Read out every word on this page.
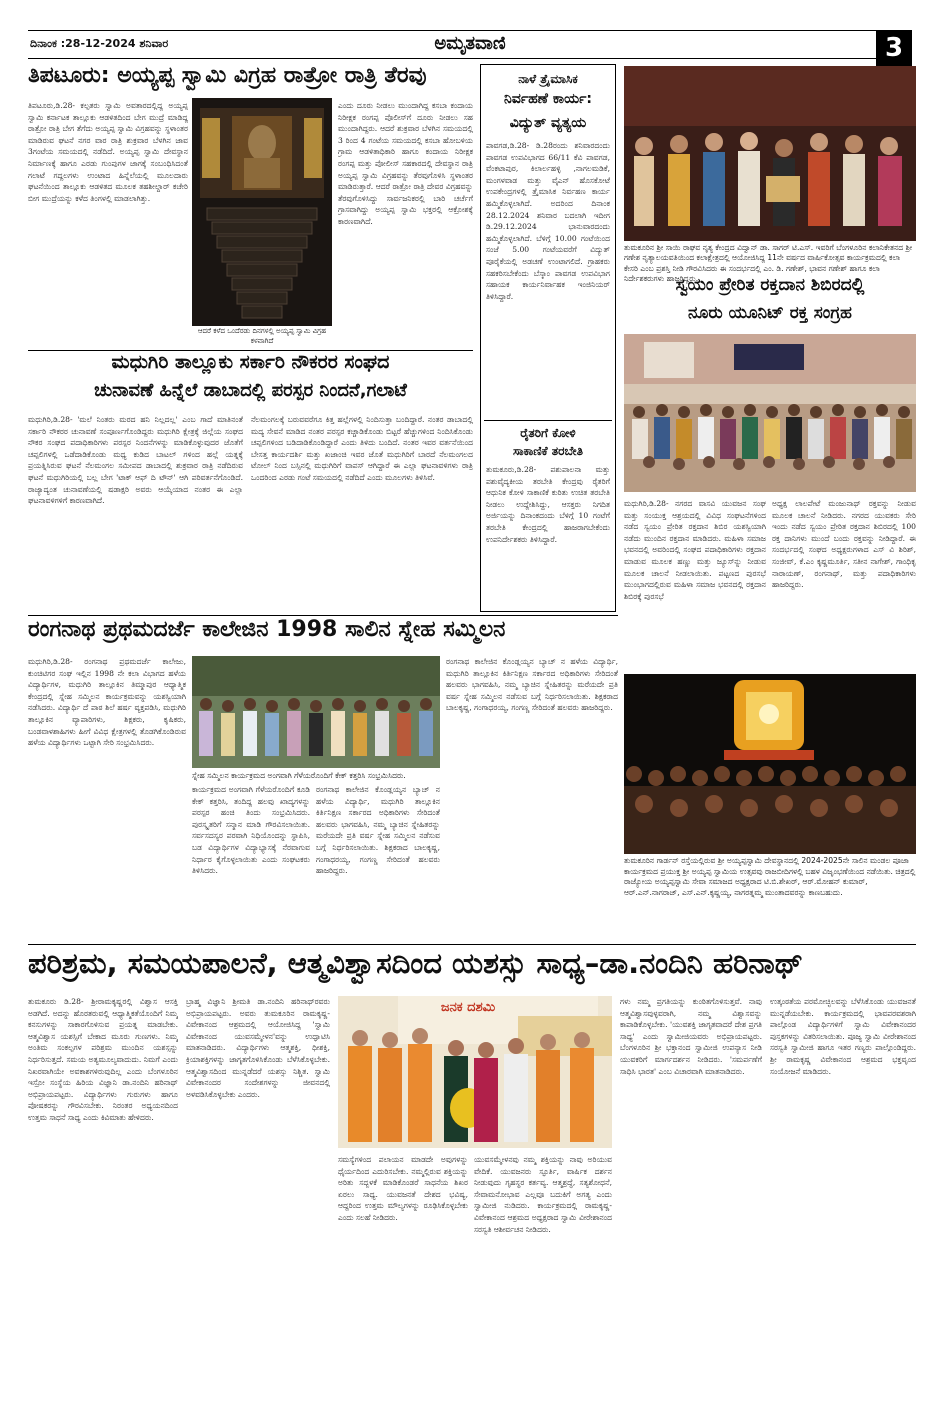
ದಿನಾಂಕ :28-12-2024 ಶನಿವಾರ	ಅಮೃತವಾಣಿ	3
ತಿಪಟೂರು: ಅಯ್ಯಪ್ಪ ಸ್ವಾಮಿ ವಿಗ್ರಹ ರಾತ್ರೋ ರಾತ್ರಿ ತೆರವು
ತಿಪಟೂರು,ಡಿ.28- ಕಲ್ಪತರು ಸ್ವಾಮಿ ಅವತಾರದಲ್ಲಿದ್ದ ಅಯ್ಯಪ್ಪ ಸ್ವಾಮಿ ಕರ್ನಾಟಕ ತಾಲ್ಲೂಕು ಆಡಳಿತದಿಂದ ಬೇಗ ಮುದ್ರೆ ಮಾಡಿದ್ದ ರಾತ್ರೋ ರಾತ್ರಿ ಬೇಗ ತೆಗೆದು ಅಯ್ಯಪ್ಪ ಸ್ವಾಮಿ ವಿಗ್ರಹವನ್ನು ಸ್ಥಳಾಂತರ ಮಾಡಿರುವ ಘಟನೆ ನಗರ ವಾರ ರಾತ್ರಿ ಶುಕ್ರವಾರ ಬೆಳಗಿನ ಜಾವ 3ಗಂಟೆಯ ಸಮಯದಲ್ಲಿ ನಡೆದಿದೆ. ಅಯ್ಯಪ್ಪ ಸ್ವಾಮಿ ದೇವಸ್ಥಾನ ನಿರ್ಮಾಣಕ್ಕೆ ಹಾಗೂ ಎರಡು ಗುಂಪುಗಳ ಜಾಗಕ್ಕೆ ಸಂಬಂಧಿಸಿದಂತೆ ಗಲಾಟೆ ಗದ್ದಲಗಳು ಉಂಟಾದ ಹಿನ್ನೆಲೆಯಲ್ಲಿ ಮೂಲದಾರು ಘಟನೆಯಿಂದ ತಾಲ್ಲೂಕು ಆಡಳಿತದ ಮೂಲಕ ತಹಶೀಲ್ದಾರ್ ಕಚೇರಿ ಬೀಗ ಮುದ್ರೆಯನ್ನು ಕಳೆದ ತಿಂಗಳಲ್ಲಿ ಮಾಡಲಾಗಿತ್ತು.
ಆದರೆ ಕಳೆದ ಒಂದೆರಡು ದಿನಗಳಲ್ಲಿ ಅಯ್ಯಪ್ಪ ಸ್ವಾಮಿ ವಿಗ್ರಹ ಕಳವಾಗಿದೆ
ಎಂದು ದೂರು ನೀಡಲು ಮುಂದಾಗಿದ್ದ ಕಸಬಾ ಕಂದಾಯ ನಿರೀಕ್ಷಕ ರಂಗಪ್ಪ ಪೊಲೀಸ್‌ಗೆ ದೂರು ನೀಡಲು ಸಹ ಮುಂದಾಗಿದ್ದರು. ಆದರೆ ಶುಕ್ರವಾರ ಬೆಳಗಿನ ಸಮಯದಲ್ಲಿ 3 ರಿಂದ 4 ಗಂಟೆಯ ಸಮಯದಲ್ಲಿ ಕಸಬಾ ಹೋಬಳಿಯ ಗ್ರಾಮ ಆಡಳಿತಾಧಿಕಾರಿ ಹಾಗೂ ಕಂದಾಯ ನಿರೀಕ್ಷಕ ರಂಗಪ್ಪ ಮತ್ತು ಪೋಲೀಸ್ ಸಹಕಾರದಲ್ಲಿ ದೇವಸ್ಥಾನ ರಾತ್ರಿ ಅಯ್ಯಪ್ಪ ಸ್ವಾಮಿ ವಿಗ್ರಹವನ್ನು ತೆರವುಗೊಳಿಸಿ ಸ್ಥಳಾಂತರ ಮಾಡಿರುತ್ತಾರೆ. ಆದರೆ ರಾತ್ರೋ ರಾತ್ರಿ ದೇವರ ವಿಗ್ರಹವನ್ನು ತೆರವುಗೊಳಿಸಿದ್ದು ಸಾರ್ವಜನಿಕರಲ್ಲಿ ಬಾರಿ ಚರ್ಚೆಗೆ ಗ್ರಾಸವಾಗಿದ್ದು ಅಯ್ಯಪ್ಪ ಸ್ವಾಮಿ ಭಕ್ತರಲ್ಲಿ ಆಕ್ರೋಶಕ್ಕೆ ಕಾರಣವಾಗಿದೆ.
ಮಧುಗಿರಿ ತಾಲ್ಲೂಕು ಸರ್ಕಾರಿ ನೌಕರರ ಸಂಘದ
ಚುನಾವಣೆ ಹಿನ್ನೆಲೆ ಡಾಬಾದಲ್ಲಿ ಪರಸ್ಪರ ನಿಂದನೆ,ಗಲಾಟೆ
ಮಧುಗಿರಿ,ಡಿ.28- 'ಮಲೆ ನಿಂತರು ಮರದ ಹನಿ ನಿಲ್ಲದಲ್ಲ' ಎಂಬ ಗಾದೆ ಮಾತಿನಂತೆ ಸರ್ಕಾರಿ ನೌಕರರ ಚುನಾವಣೆ ಸಂಪೂರ್ಣಗೊಂಡಿದ್ದರು ಮಧುಗಿರಿ ಕ್ಷೇತ್ರಕ್ಕೆ ಜಿಲ್ಲೆಯ ಸಂಘದ ನೌಕರ ಸಂಘದ ಪದಾಧಿಕಾರಿಗಳು ಪರಸ್ಪರ ನಿಂದನೆಗಳನ್ನು ಮಾಡಿಕೊಳ್ಳುವುದರ ಜೊತೆಗೆ ಚಪ್ಪಲಿಗಳಲ್ಲಿ ಒಡೆದಾಡಿಕೊಂಡು ಮಧ್ಯ ಕುಡಿದ ಬಾಟಲ್ ಗಳಿಂದ ಹಲ್ಲೆ ಯತ್ನಕ್ಕೆ ಪ್ರಯತ್ನಿಸಿರುವ ಘಟನೆ ನೆಲಮಂಗಲ ಸಮೀಪದ ಡಾಬಾದಲ್ಲಿ ಶುಕ್ರವಾರ ರಾತ್ರಿ ನಡೆದಿರುವ ಘಟನೆ ಮಧುಗಿರಿಯಲ್ಲಿ ಬಲ್ಲ ಬೇಗ 'ಟಾಕ್ ಆಫ್ ದಿ ಟೌನ್' ಆಗಿ ಪರಿವರ್ತನೆಗೊಂಡಿದೆ. ರಾಜ್ಯಾದ್ಯಂತ ಚುನಾವಣೆಯಲ್ಲಿ ಷಡಾಕ್ಷರಿ ಅವರು ಆಯ್ಕೆಯಾದ ನಂತರ ಈ ಎಲ್ಲಾ ಘಟನಾವಳಿಗಳಿಗೆ ಕಾರಣವಾಗಿದೆ.
ನೆಲಮಂಗಲಕ್ಕೆ ಬರುವವರೆಗೂ ಕಿತ್ತ ಹಲ್ಲೆಗಳಲ್ಲಿ ನಿಂದಿಸುತ್ತಾ ಬಂದಿದ್ದಾರೆ. ನಂತರ ಡಾಬಾದಲ್ಲಿ ಮದ್ಯ ಸೇವನೆ ಮಾಡಿದ ನಂತರ ಪರಸ್ಪರ ಕಚ್ಚಾಡಿಕೊಂಡು ಬಿಟ್ಟರೆ ಹೆಚ್ಚುಗಳಿಂದ ನಿಂದಿಸಿಕೊಂಡು ಚಪ್ಪಲಿಗಳಿಂದ ಬಡಿದಾಡಿಕೊಂಡಿದ್ದಾರೆ ಎಂದು ತಿಳಿದು ಬಂದಿದೆ. ನಂತರ ಇವರ ವರ್ತನೆಯಿಂದ ಬೇಸತ್ತ ಕಾರ್ಯದರ್ಶಿ ಮತ್ತು ಖಜಾಂಚಿ ಇವರ ಜೊತೆ ಮಧುಗಿರಿಗೆ ಬಾರದೆ ನೆಲಮಂಗಲದ ಟೋಲ್ ನಿಂದ ಬಸ್ಸಿನಲ್ಲಿ ಮಧುಗಿರಿಗೆ ವಾಪಸ್ ಆಗಿದ್ದಾರೆ ಈ ಎಲ್ಲಾ ಘಟನಾವಳಿಗಳು ರಾತ್ರಿ ಒಂದರಿಂದ ಎರಡು ಗಂಟೆ ಸಮಯದಲ್ಲಿ ನಡೆದಿದೆ ಎಂದು ಮೂಲಗಳು ತಿಳಿಸಿವೆ.
ನಾಳೆ ತ್ರೈಮಾಸಿಕ
ನಿರ್ವಹಣೆ ಕಾರ್ಯ:
ವಿದ್ಯುತ್ ವ್ಯತ್ಯಯ
ಪಾವಗಡ,ಡಿ.28- ಡಿ.28ರಂದು ಶನಿವಾರದಂದು ಪಾವಗಡ ಉಪವಿಭಾಗದ 66/11 ಕೆವಿ ಪಾವಗಡ, ವೆಂಕಟಾಪುರ, ಕಿಲಾರ್ಲಹಳ್ಳಿ ,ನಾಗಲಮಡಿಕೆ, ಮಂಗಳವಾಡ ಮತ್ತು ವೈಎನ್ ಹೊಸಕೋಟೆ ಉಪಕೇಂದ್ರಗಳಲ್ಲಿ ತ್ರೈಮಾಸಿಕ ನಿರ್ವಹಣ ಕಾರ್ಯ ಹಮ್ಮಿಕೊಳ್ಳಲಾಗಿದೆ. ಅದರಿಂದ ದಿನಾಂಕ 28.12.2024 ಶನಿವಾರ ಬದಲಾಗಿ ಇದೀಗ ಡಿ.29.12.2024 ಭಾನುವಾರದಂದು ಹಮ್ಮಿಕೊಳ್ಳಲಾಗಿದೆ. ಬೆಳಿಗ್ಗೆ 10.00 ಗಂಟೆಯಿಂದ ಸಂಜೆ 5.00 ಗಂಟೆಯವರೆಗೆ ವಿದ್ಯುತ್ ಪೂರೈಕೆಯಲ್ಲಿ ಅಡಚಣೆ ಉಂಟಾಗಲಿದೆ. ಗ್ರಾಹಕರು ಸಹಕರಿಸಬೇಕೆಂದು ಬೆಸ್ಕಾಂ ಪಾವಗಡ ಉಪವಿಭಾಗ ಸಹಾಯಕ ಕಾರ್ಯನಿರ್ವಾಹಕ ಇಂಜಿನಿಯರ್ ತಿಳಿಸಿದ್ದಾರೆ.
ರೈತರಿಗೆ ಕೋಳಿ
ಸಾಕಾಣಿಕೆ ತರಬೇತಿ
ತುಮಕೂರು,ಡಿ.28- ಪಶುಪಾಲನಾ ಮತ್ತು ಪಶುವೈದ್ಯಕೀಯ ತರಬೇತಿ ಕೇಂದ್ರವು ರೈತರಿಗೆ ಆಧುನಿಕ ಕೋಳಿ ಸಾಕಾಣಿಕೆ ಕುರಿತು ಉಚಿತ ತರಬೇತಿ ನೀಡಲು ಉದ್ದೇಶಿಸಿದ್ದು, ಆಸಕ್ತರು ನಿಗದಿತ ಅರ್ಜಿಯನ್ನು ದಿನಾಂಕದಂದು ಬೆಳಿಗ್ಗೆ 10 ಗಂಟೆಗೆ ತರಬೇತಿ ಕೇಂದ್ರದಲ್ಲಿ ಹಾಜರಾಗಬೇಕೆಂದು ಉಪನಿರ್ದೇಶಕರು ತಿಳಿಸಿದ್ದಾರೆ.
ತುಮಕೂರಿನ ಶ್ರೀ ಸಾಯಿ ರಾಘವ ನೃತ್ಯ ಕೇಂದ್ರದ ವಿದ್ವಾನ್ ಡಾ. ಸಾಗರ್ ಟಿ.ಎಸ್. ಇವರಿಗೆ ಬೆಂಗಳೂರಿನ ಕಲಾನಿಕೇತನದ ಶ್ರೀ ಗಣೇಶ ನೃತ್ಯಾಲಯವತಿಯಿಂದ ಕಲಾಕ್ಷೇತ್ರದಲ್ಲಿ ಆಯೋಜಿಸಿದ್ದ 11ನೇ ವರ್ಷದ ವಾರ್ಷಿಕೋತ್ಸವ ಕಾರ್ಯಕ್ರಮದಲ್ಲಿ ಕಲಾ ಕೇಸರಿ ಎಂಬ ಪ್ರಶಸ್ತಿ ನೀಡಿ ಗೌರವಿಸಿದರು ಈ ಸಂದರ್ಭದಲ್ಲಿ ಎಂ. ಡಿ. ಗಣೇಶ್, ಭಾವನ ಗಣೇಶ್ ಹಾಗೂ ಕಲಾ ನಿರ್ದೇಶಕರುಗಳು ಹಾಜರಿದ್ದರು.
ಸ್ವಯಂ ಪ್ರೇರಿತ ರಕ್ತದಾನ ಶಿಬಿರದಲ್ಲಿ
ನೂರು ಯೂನಿಟ್ ರಕ್ತ ಸಂಗ್ರಹ
ಮಧುಗಿರಿ,ಡಿ.28- ನಗರದ ವಾಸವಿ ಯುವಜನ ಸಂಘ ಮತ್ತು ಸಂಯುಕ್ತ ಆಶ್ರಯದಲ್ಲಿ ವಿವಿಧ ಸಂಘಟನೆಗಳಿಂದ ನಡೆದ ಸ್ವಯಂ ಪ್ರೇರಿತ ರಕ್ತದಾನ ಶಿಬಿರ ಯಶಸ್ವಿಯಾಗಿ ನಡೆದು ಮುಂದಿನ ರಕ್ತದಾನ ಮಾಡಿದರು. ಮಹಿಳಾ ಸಮಾಜ ಭವನದಲ್ಲಿ ಅವರಿಂದಲ್ಲಿ ಸಂಘದ ಪದಾಧಿಕಾರಿಗಳು ರಕ್ತದಾನ ಮಾಡುವ ಮೂಲಕ ಹಣ್ಣು ಮತ್ತು ಜ್ಯೂಸ್‌ನ್ನು ನೀಡುವ ಮೂಲಕ ಚಾಲನೆ ನೀಡಲಾಯಿತು. ಪಟ್ಟಣದ ಪುರಸಭೆ ಮುಂಭಾಗದಲ್ಲಿರುವ ಮಹಿಳಾ ಸಮಾಜ ಭವನದಲ್ಲಿ ರಕ್ತದಾನ ಶಿಬಿರಕ್ಕೆ ಪುರಸಭೆ
ಅಧ್ಯಕ್ಷ ಲಾಲಪೇಟೆ ಮಂಜುನಾಥ್ ರಕ್ತವನ್ನು ನೀಡುವ ಮೂಲಕ ಚಾಲನೆ ನೀಡಿದರು. ನಗರದ ಯುವಕರು ಸೇರಿ ಇಂದು ನಡೆದ ಸ್ವಯಂ ಪ್ರೇರಿತ ರಕ್ತದಾನ ಶಿಬಿರದಲ್ಲಿ 100 ರಕ್ತ ದಾನಿಗಳು ಮುಂದೆ ಬಂದು ರಕ್ತವನ್ನು ನೀಡಿದ್ದಾರೆ. ಈ ಸಂದರ್ಭದಲ್ಲಿ ಸಂಘದ ಅಧ್ಯಕ್ಷರುಗಳಾದ ಎಸ್ ವಿ ಶಿರಿಶ್, ಸಂಜೀವ್, ಕೆ.ಎಂ ಕೃಷ್ಣಮೂರ್ತಿ, ಸತೀನ ನಾಗೇಶ್, ಗಾಂಧಿಕೃ ನಾರಾಯಣ್, ರಂಗನಾಥ್, ಮತ್ತು ಪದಾಧಿಕಾರಿಗಳು ಹಾಜರಿದ್ದರು.
ರಂಗನಾಥ ಪ್ರಥಮದರ್ಜೆ ಕಾಲೇಜಿನ 1998 ಸಾಲಿನ ಸ್ನೇಹ ಸಮ್ಮಿಲನ
ಮಧುಗಿರಿ,ಡಿ.28- ರಂಗನಾಥ ಪ್ರಥಮದರ್ಜೆ ಕಾಲೇಜು, ಕುಂಚಿಟಿಗರ ಸಂಘ ಇಲ್ಲಿನ 1998 ನೇ ಕಲಾ ವಿಭಾಗದ ಹಳೆಯ ವಿದ್ಯಾರ್ಥಿಗಳ, ಮಧುಗಿರಿ ತಾಲ್ಲೂಕಿನ ತಿಮ್ಮಾಪುರ ಆಧ್ಯಾತ್ಮಿಕ ಕೇಂದ್ರದಲ್ಲಿ ಸ್ನೇಹ ಸಮ್ಮಿಲನ ಕಾರ್ಯಕ್ರಮವನ್ನು ಯಶಸ್ವಿಯಾಗಿ ನಡೆಸಿದರು. ವಿದ್ಯಾರ್ಥಿ ದೆ ಪಾಠ ಶಿಲೆ ಹರ್ಷ ವ್ಯಕ್ತಪಡಿಸಿ, ಮಧುಗಿರಿ ತಾಲ್ಲೂಕಿನ ವ್ಯಾಪಾರಿಗಳು, ಶಿಕ್ಷಕರು, ಕೃಷಿಕರು, ಬಂಡವಾಳಶಾಹಿಗಳು ಹೀಗೆ ವಿವಿಧ ಕ್ಷೇತ್ರಗಳಲ್ಲಿ ತೊಡಗಿಕೊಂಡಿರುವ ಹಳೆಯ ವಿದ್ಯಾರ್ಥಿಗಳು ಒಟ್ಟಾಗಿ ಸೇರಿ ಸಂಭ್ರಮಿಸಿದರು.
ಸ್ನೇಹ ಸಮ್ಮಿಲನ ಕಾರ್ಯಕ್ರಮದ ಅಂಗವಾಗಿ ಗೆಳೆಯರೊಂದಿಗೆ ಕೇಕ್ ಕತ್ತರಿಸಿ ಸಂಭ್ರಮಿಸಿದರು.
ಕಾರ್ಯಕ್ರಮದ ಅಂಗವಾಗಿ ಗೆಳೆಯರೊಂದಿಗೆ ಕೂಡಿ ಕೇಕ್ ಕತ್ತರಿಸಿ, ತಂದಿದ್ದ ಹಲವು ಖಾದ್ಯಗಳನ್ನು ಪರಸ್ಪರ ಹಂಚಿ ತಿಂದು ಸಂಭ್ರಮಿಸಿದರು. ಪುರಸ್ಕೃತರಿಗೆ ಸನ್ಮಾನ ಮಾಡಿ ಗೌರವಿಸಲಾಯಿತು. ಸರ್ವಸದಸ್ಯರ ಪರವಾಗಿ ನಿಧಿಯೊಂದನ್ನು ಸ್ಥಾಪಿಸಿ, ಬಡ ವಿದ್ಯಾರ್ಥಿಗಳ ವಿದ್ಯಾಭ್ಯಾಸಕ್ಕೆ ನೆರವಾಗುವ ನಿರ್ಧಾರ ಕೈಗೊಳ್ಳಲಾಯಿತು ಎಂದು ಸಂಘಟಕರು ತಿಳಿಸಿದರು.
ರಂಗನಾಥ ಕಾಲೇಜಿನ ಕೊಂಡ್ಲಯ್ಯನ ಬ್ಯಾಚ್ ನ ಹಳೆಯ ವಿದ್ಯಾರ್ಥಿ, ಮಧುಗಿರಿ ತಾಲ್ಲೂಕಿನ ಕಿರ್ತಿನಿಕ್ಷಣ ಸರ್ಕಾರದ ಅಧಿಕಾರಿಗಳು ಸೇರಿದಂತೆ ಹಲವರು ಭಾಗವಹಿಸಿ, ನಮ್ಮ ಬ್ಯಾಚಿನ ಸ್ನೇಹಿತರನ್ನು ಮರೆಯದೇ ಪ್ರತಿ ವರ್ಷ ಸ್ನೇಹ ಸಮ್ಮಿಲನ ನಡೆಸುವ ಬಗ್ಗೆ ನಿರ್ಧರಿಸಲಾಯಿತು. ಶಿಕ್ಷಕರಾದ ಬಾಲಕೃಷ್ಣ, ಗಂಗಾಧರಯ್ಯ, ಗಂಗಣ್ಣ ಸೇರಿದಂತೆ ಹಲವರು ಹಾಜರಿದ್ದರು.
ರಂಗನಾಥ ಕಾಲೇಜಿನ ಕೊಂಡ್ಲಯ್ಯನ ಬ್ಯಾಚ್ ನ ಹಳೆಯ ವಿದ್ಯಾರ್ಥಿ, ಮಧುಗಿರಿ ತಾಲ್ಲೂಕಿನ ಕಿರ್ತಿನಿಕ್ಷಣ ಸರ್ಕಾರದ ಅಧಿಕಾರಿಗಳು ಸೇರಿದಂತೆ ಹಲವರು ಭಾಗವಹಿಸಿ, ನಮ್ಮ ಬ್ಯಾಚಿನ ಸ್ನೇಹಿತರನ್ನು ಮರೆಯದೇ ಪ್ರತಿ ವರ್ಷ ಸ್ನೇಹ ಸಮ್ಮಿಲನ ನಡೆಸುವ ಬಗ್ಗೆ ನಿರ್ಧರಿಸಲಾಯಿತು. ಶಿಕ್ಷಕರಾದ ಬಾಲಕೃಷ್ಣ, ಗಂಗಾಧರಯ್ಯ, ಗಂಗಣ್ಣ ಸೇರಿದಂತೆ ಹಲವರು ಹಾಜರಿದ್ದರು.
ತುಮಕೂರಿನ ಗಾರ್ಡನ್ ರಸ್ತೆಯಲ್ಲಿರುವ ಶ್ರೀ ಅಯ್ಯಪ್ಪಸ್ವಾಮಿ ದೇವಸ್ಥಾನದಲ್ಲಿ 2024-2025ನೇ ಸಾಲಿನ ಮಂಡಲ ಪೂಜಾ ಕಾರ್ಯಕ್ರಮದ ಪ್ರಯುಕ್ತ ಶ್ರೀ ಅಯ್ಯಪ್ಪ ಸ್ವಾಮಿಯ ಉತ್ಸವವು ರಾಜಬೀದಿಗಳಲ್ಲಿ ಬಹಳ ವಿಜೃಂಭಣೆಯಿಂದ ನಡೆಯಿತು. ಚಿತ್ರದಲ್ಲಿ ರಾಜ್ಯೋಯ ಅಯ್ಯಪ್ಪಸ್ವಾಮಿ ಸೇವಾ ಸಮಾಜದ ಅಧ್ಯಕ್ಷರಾದ ಟಿ.ಬಿ.ಶೇಖರ್, ಆರ್.ಮೋಹನ್ ಕುಮಾರ್, ಆರ್.ಎನ್.ನಾಗರಾಜ್, ಎಸ್.ಎನ್.ಕೃಷ್ಣಯ್ಯ, ನಾಗರತ್ನಮ್ಮ ಮುಂತಾದವರನ್ನು ಕಾಣಬಹುದು.
ಪರಿಶ್ರಮ, ಸಮಯಪಾಲನೆ, ಆತ್ಮವಿಶ್ವಾಸದಿಂದ ಯಶಸ್ಸು ಸಾಧ್ಯ–ಡಾ.ನಂದಿನಿ ಹರಿನಾಥ್
ತುಮಕೂರು ಡಿ.28- ಶ್ರೀರಾಮಕೃಷ್ಣರಲ್ಲಿ ವಿಶ್ವಾಸ ಆಸಕ್ತಿ ಅಡಗಿದೆ. ಅದನ್ನು ಹೊರತರುವಲ್ಲಿ ಆಧ್ಯಾತ್ಮಿಕತೆಯೊಂದಿಗೆ ನಿಮ್ಮ ಕನಸುಗಳನ್ನು ಸಾಕಾರಗೊಳಿಸುವ ಪ್ರಯತ್ನ ಮಾಡಬೇಕು. ಆತ್ಮವಿಶ್ವಾಸ ಯಶಸ್ಸಿಗೆ ಬೇಕಾದ ಮೂರು ಗುಣಗಳು. ನಿಮ್ಮ ಅಂತಿಮ ಸಂಕಲ್ಪಗಳ ಪರಿಶ್ರಮ ಮುಂದಿನ ಯಶಸ್ಸನ್ನು ನಿರ್ಧರಿಸುತ್ತದೆ. ಸಮಯ ಅತ್ಯಮೂಲ್ಯವಾದುದು. ನಿಮಗೆ ಎಂದು ನಿಖರವಾಗಿಯೇ ಅವಕಾಶಗಳಿರುವುದಿಲ್ಲ ಎಂದು ಬೆಂಗಳೂರಿನ ಇಸ್ರೋ ಸಂಸ್ಥೆಯ ಹಿರಿಯ ವಿಜ್ಞಾನಿ ಡಾ.ನಂದಿನಿ ಹರಿನಾಥ್ ಅಭಿಪ್ರಾಯಪಟ್ಟರು. ವಿದ್ಯಾರ್ಥಿಗಳು ಗುರುಗಳು ಹಾಗೂ ಪೋಷಕರನ್ನು ಗೌರವಿಸಬೇಕು. ನಿರಂತರ ಅಧ್ಯಯನದಿಂದ ಉತ್ತಮ ಸಾಧನೆ ಸಾಧ್ಯ ಎಂದು ಕಿವಿಮಾತು ಹೇಳಿದರು.
ಬ್ರಾಹ್ಮ ವಿಜ್ಞಾನಿ ಶ್ರೀಮತಿ ಡಾ.ನಂದಿನಿ ಹರಿನಾಥ್‌ರವರು ಅಭಿಪ್ರಾಯಪಟ್ಟರು. ಅವರು ತುಮಕೂರಿನ ರಾಮಕೃಷ್ಣ-ವಿವೇಕಾನಂದ ಆಶ್ರಮದಲ್ಲಿ ಆಯೋಜಿಸಿದ್ದ 'ಸ್ವಾಮಿ ವಿವೇಕಾನಂದ ಯುವಸಮ್ಮೇಳನ'ವನ್ನು ಉದ್ಘಾಟಿಸಿ ಮಾತನಾಡಿದರು. ವಿದ್ಯಾರ್ಥಿಗಳು ಆತ್ಮಶಕ್ತಿ, ಧೀಶಕ್ತಿ, ಕ್ರಿಯಾಶಕ್ತಿಗಳನ್ನು ಜಾಗೃತಗೊಳಿಸಿಕೊಂಡು ಬೆಳೆಸಿಕೊಳ್ಳಬೇಕು. ಆತ್ಮವಿಶ್ವಾಸದಿಂದ ಮುನ್ನಡೆದರೆ ಯಶಸ್ಸು ನಿಶ್ಚಿತ. ಸ್ವಾಮಿ ವಿವೇಕಾನಂದರ ಸಂದೇಶಗಳನ್ನು ಜೀವನದಲ್ಲಿ ಅಳವಡಿಸಿಕೊಳ್ಳಬೇಕು ಎಂದರು.
ಜನಕ ದಶಮಿ
ಸಮಸ್ಯೆಗಳಿಂದ ಪಲಾಯನ ಮಾಡದೇ ಅವುಗಳನ್ನು ಧೈರ್ಯದಿಂದ ಎದುರಿಸಬೇಕು. ನಮ್ಮಲ್ಲಿರುವ ಶಕ್ತಿಯನ್ನು ಅರಿತು ಸದ್ಬಳಕೆ ಮಾಡಿಕೊಂಡರೆ ಸಾಧನೆಯ ಶಿಖರ ಏರಲು ಸಾಧ್ಯ. ಯುವಜನತೆ ದೇಶದ ಭವಿಷ್ಯ, ಆದ್ದರಿಂದ ಉತ್ತಮ ಮೌಲ್ಯಗಳನ್ನು ರೂಢಿಸಿಕೊಳ್ಳಬೇಕು ಎಂದು ಸಲಹೆ ನೀಡಿದರು.
ಯುವಸಮ್ಮೇಳನವು ನಮ್ಮ ಶಕ್ತಿಯನ್ನು ನಾವು ಅರಿಯುವ ವೇದಿಕೆ. ಯುವಜನರು ಸ್ಫೂರ್ತಿ, ವಾರ್ಷಿಕ ದರ್ಶನ ನೀಡುವುದು ಗೃಹಸ್ಥರ ಕರ್ತವ್ಯ. ಆತ್ಮಶ್ರದ್ಧೆ, ಸತ್ಯಶೋಧನೆ, ಸೇವಾಮನೋಭಾವ ಎಲ್ಲವೂ ಬದುಕಿಗೆ ಅಗತ್ಯ ಎಂದು ಸ್ವಾಮೀಜಿ ನುಡಿದರು. ಕಾರ್ಯಕ್ರಮದಲ್ಲಿ ರಾಮಕೃಷ್ಣ-ವಿವೇಕಾನಂದ ಆಶ್ರಮದ ಅಧ್ಯಕ್ಷರಾದ ಸ್ವಾಮಿ ವೀರೇಶಾನಂದ ಸರಸ್ವತಿ ಆಶೀರ್ವಚನ ನೀಡಿದರು.
ಗಳು ನಮ್ಮ ಪ್ರಗತಿಯನ್ನು ಕುಂಠಿತಗೊಳಿಸುತ್ತವೆ. ನಾವು ಆತ್ಮವಿಶ್ವಾಸವುಳ್ಳವರಾಗಿ, ನಮ್ಮ ವಿಶ್ವಾಸವನ್ನು ಕಾಪಾಡಿಕೊಳ್ಳಬೇಕು. 'ಯುವಶಕ್ತಿ ಜಾಗೃತವಾದರೆ ದೇಶ ಪ್ರಗತಿ ಸಾಧ್ಯ' ಎಂದು ಸ್ವಾಮೀಜಿಯವರು ಅಭಿಪ್ರಾಯಪಟ್ಟರು. ಬೆಂಗಳೂರಿನ ಶ್ರೀ ಭಕ್ತಾನಂದ ಸ್ವಾಮೀಜಿ ಉಪನ್ಯಾಸ ನೀಡಿ ಯುವಕರಿಗೆ ಮಾರ್ಗದರ್ಶನ ನೀಡಿದರು. 'ಸಮರ್ಪಣೆಗೆ ಸಾಧಿಸಿ ಭಾರತ' ಎಂಬ ವಿಚಾರವಾಗಿ ಮಾತನಾಡಿದರು.
ಉತ್ಕಂಠತೆಯ ಪರಮೋಚ್ಛಿಲವನ್ನು ಬೆಳೆಸಿಕೊಂಡು ಯುವಜನತೆ ಮುನ್ನಡೆಯಬೇಕು. ಕಾರ್ಯಕ್ರಮದಲ್ಲಿ ಭಾವಪರವಶರಾಗಿ ಪಾಲ್ಗೊಂಡ ವಿದ್ಯಾರ್ಥಿಗಳಿಗೆ ಸ್ವಾಮಿ ವಿವೇಕಾನಂದರ ಪುಸ್ತಕಗಳನ್ನು ವಿತರಿಸಲಾಯಿತು. ಪೂಜ್ಯ ಸ್ವಾಮಿ ವೀರೇಶಾನಂದ ಸರಸ್ವತಿ ಸ್ವಾಮೀಜಿ ಹಾಗೂ ಇತರ ಗಣ್ಯರು ಪಾಲ್ಗೊಂಡಿದ್ದರು. ಶ್ರೀ ರಾಮಕೃಷ್ಣ ವಿವೇಕಾನಂದ ಆಶ್ರಮದ ಭಕ್ತವೃಂದ ಸಂಯೋಜನೆ ಮಾಡಿದರು.
